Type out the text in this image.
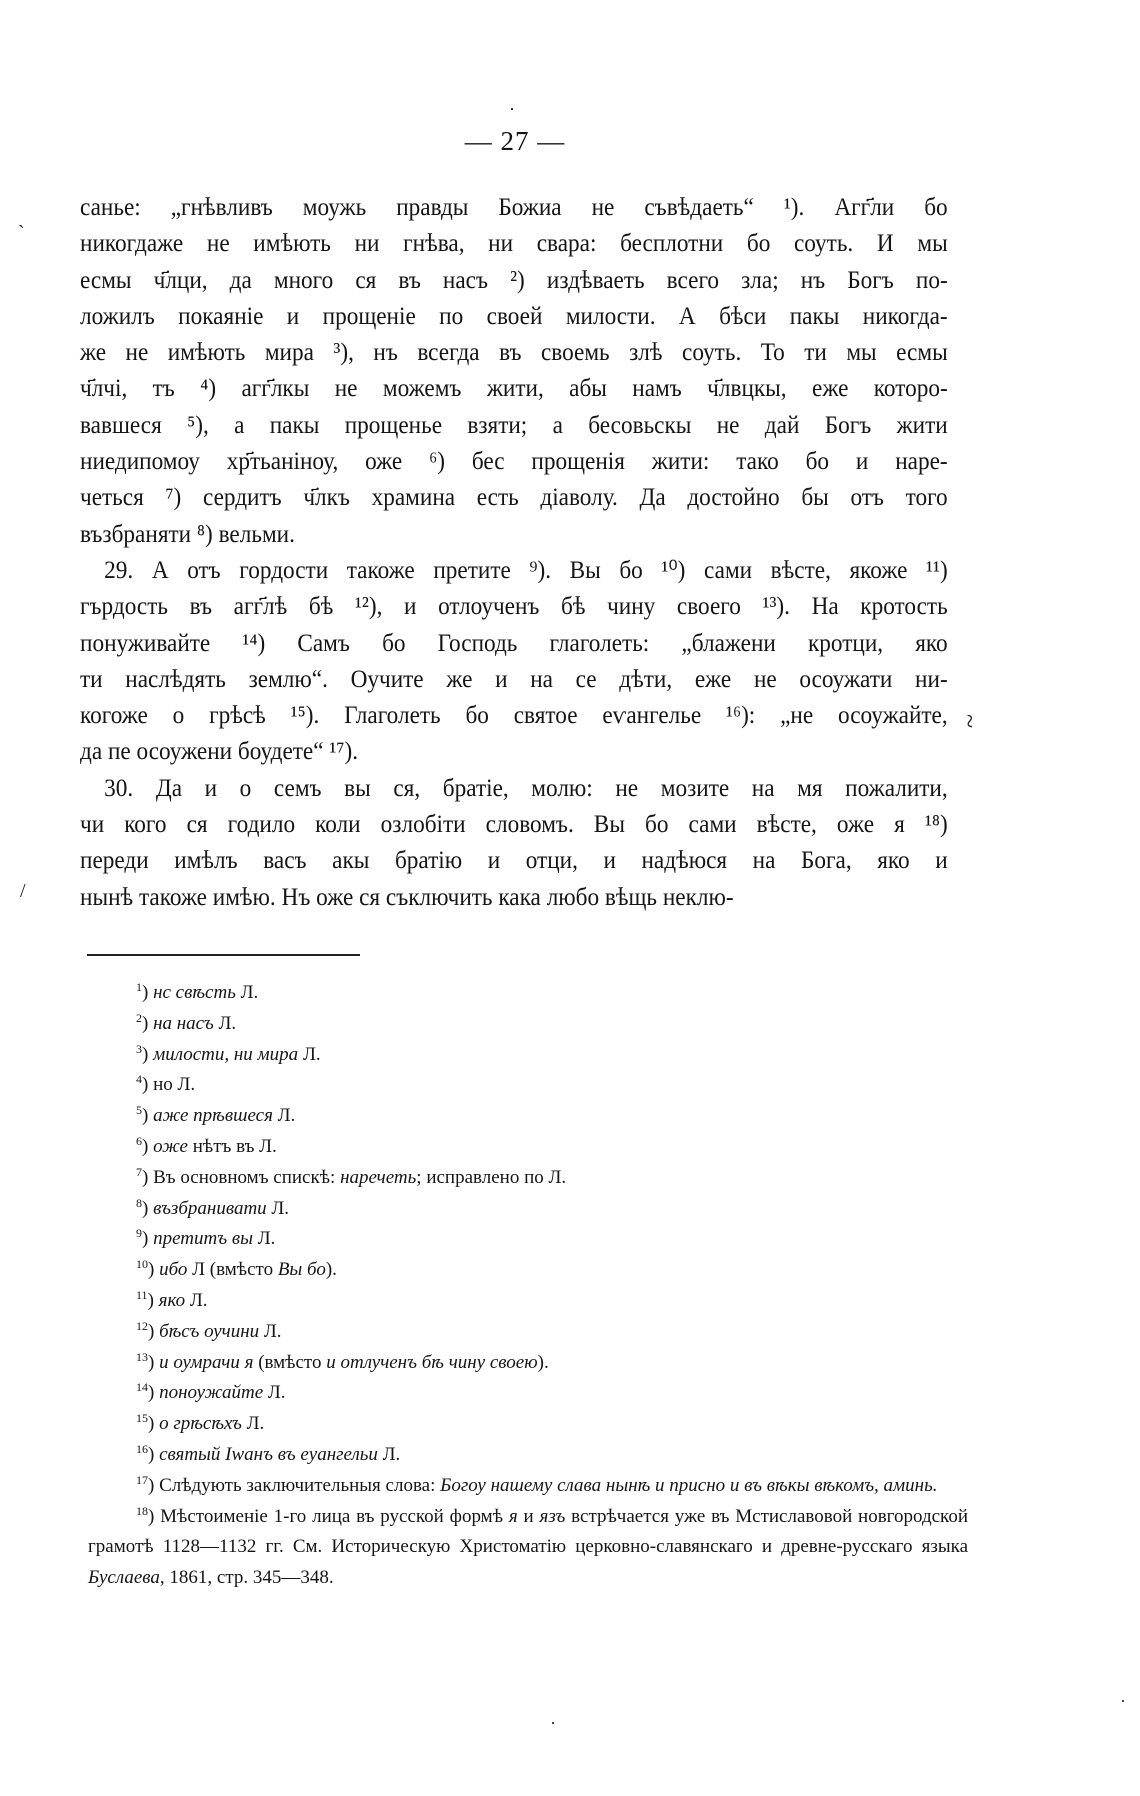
— 27 —

санье: „гнѣвливъ моужь правды Божиа не съвѣдаеть“ ¹). Агг҃ли бо
никогдаже не имѣють ни гнѣва, ни свара: бесплотни бо соуть. И мы
есмы ч҃лци, да много ся въ насъ ²) издѣваеть всего зла; нъ Богъ по-
ложилъ покаяніе и прощеніе по своей милости. А бѣси пакы никогда-
же не имѣють мира ³), нъ всегда въ своемь злѣ соуть. То ти мы есмы
ч҃лчі, тъ ⁴) агг҃лкы не можемъ жити, абы намъ ч҃лвцкы, еже которо-
вавшеся ⁵), а пакы прощенье взяти; а бесовьскы не дай Богъ жити
ниедипомоу хр҃тьаніноу, оже ⁶) бес прощенія жити: тако бо и наре-
четься ⁷) сердитъ ч҃лкъ храмина есть діаволу. Да достойно бы отъ того
възбраняти ⁸) вельми.

29. А отъ гордости такоже претите ⁹). Вы бо ¹⁰) сами вѣсте, якоже ¹¹)
гърдость въ агг҃лѣ бѣ ¹²), и отлоученъ бѣ чину своего ¹³). На кротость
понуживайте ¹⁴) Самъ бо Господь глаголеть: „блажени кротци, яко
ти наслѣдять землю“. Оучите же и на се дѣти, еже не осоужати ни-
когоже о грѣсѣ ¹⁵). Глаголеть бо святое еѵангелье ¹⁶): „не осоужайте,
да пе осоужени боудете“ ¹⁷).

30. Да и о семъ вы ся, братіе, молю: не мозите на мя пожалити,
чи кого ся годило коли озлобіти словомъ. Вы бо сами вѣсте, оже я ¹⁸)
переди имѣлъ васъ акы братію и отци, и надѣюся на Бога, яко и
нынѣ такоже имѣю. Нъ оже ся съключить кака любо вѣщь неклю-

`
/
~
$^1$) нс свѣсть Л.
$^2$) на насъ Л.
$^3$) милости, ни мира Л.
$^4$) но Л.
$^5$) аже прѣвшеся Л.
$^6$) оже нѣтъ въ Л.
$^7$) Въ основномъ спискѣ: наречеть; исправлено по Л.
$^8$) възбранивати Л.
$^9$) претитъ вы Л.
$^{10}$) ибо Л (вмѣсто Вы бо).
$^{11}$) яко Л.
$^{12}$) бѣсъ оучини Л.
$^{13}$) и оумрачи я (вмѣсто и отлученъ бѣ чину своею).
$^{14}$) поноужайте Л.
$^{15}$) о грѣсѣхъ Л.
$^{16}$) святый Iwанъ въ еуангельи Л.
$^{17}$) Слѣдують заключительныя слова: Богоу нашему слава нынѣ и присно и въ вѣкы вѣкомъ, аминь.
$^{18}$) Мѣстоименіе 1-го лица въ русской формѣ я и язъ встрѣчается уже въ Мстиславовой новгородской грамотѣ 1128—1132 гг. См. Историческую Христоматію церковно-славянскаго и древне-русскаго языка Буслаева, 1861, стр. 345—348.
